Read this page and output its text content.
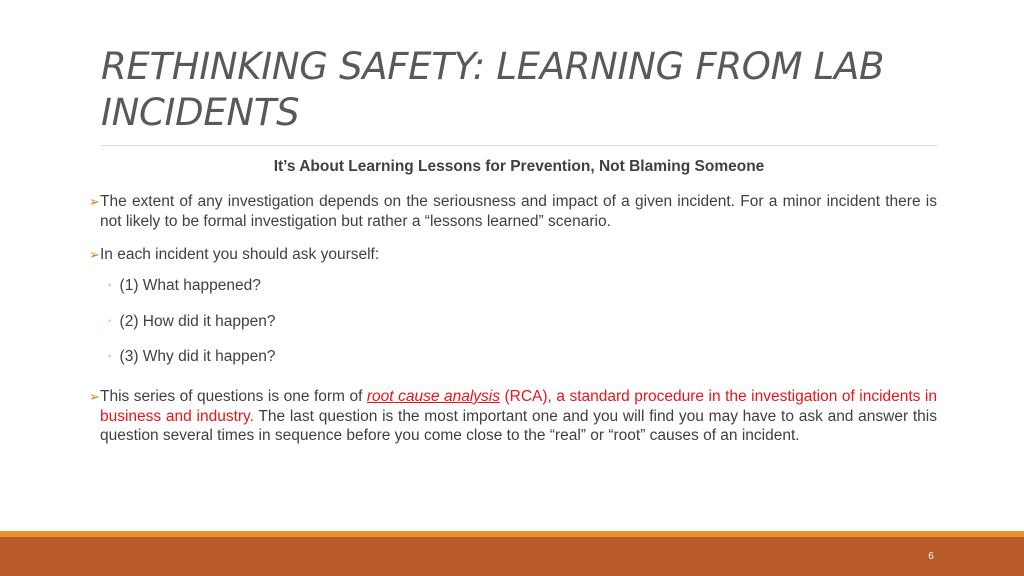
RETHINKING SAFETY: LEARNING FROM LAB INCIDENTS
It’s About Learning Lessons for Prevention, Not Blaming Someone
➢ The extent of any investigation depends on the seriousness and impact of a given incident. For a minor incident there is not likely to be formal investigation but rather a “lessons learned” scenario.
➢ In each incident you should ask yourself:
◦ (1) What happened?
◦ (2) How did it happen?
◦ (3) Why did it happen?
➢ This series of questions is one form of root cause analysis (RCA), a standard procedure in the investigation of incidents in business and industry. The last question is the most important one and you will find you may have to ask and answer this question several times in sequence before you come close to the “real” or “root” causes of an incident.
6
